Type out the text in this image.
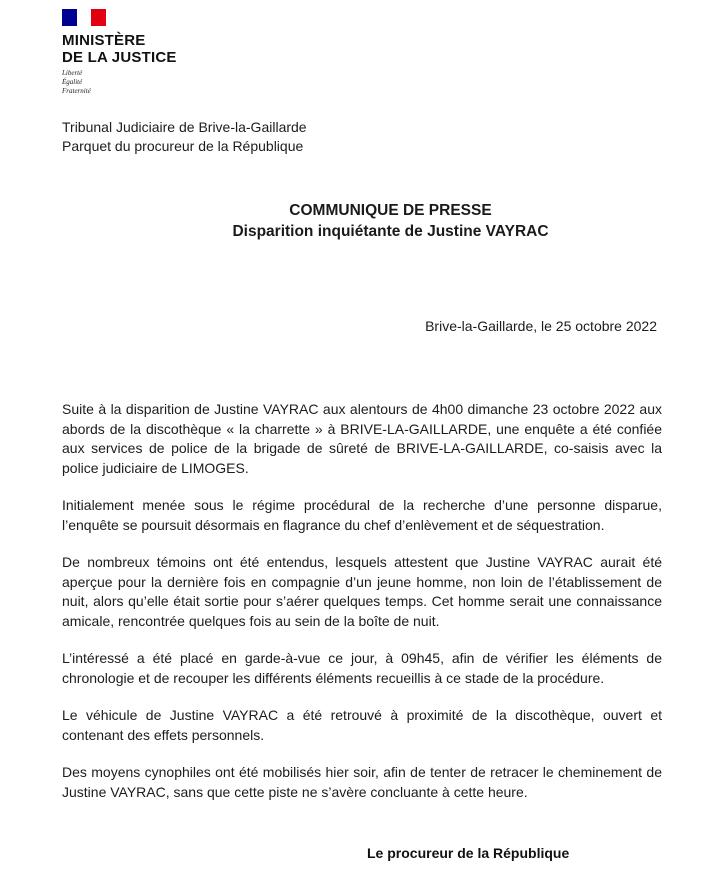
MINISTÈRE
DE LA JUSTICE
Liberté
Égalité
Fraternité
Tribunal Judiciaire de Brive-la-Gaillarde
Parquet du procureur de la République
COMMUNIQUE DE PRESSE
Disparition inquiétante de Justine VAYRAC
Brive-la-Gaillarde, le 25 octobre 2022

Suite à la disparition de Justine VAYRAC aux alentours de 4h00 dimanche 23 octobre 2022 aux abords de la discothèque « la charrette » à BRIVE-LA-GAILLARDE, une enquête a été confiée aux services de police de la brigade de sûreté de BRIVE-LA-GAILLARDE, co-saisis avec la police judiciaire de LIMOGES.

Initialement menée sous le régime procédural de la recherche d’une personne disparue, l’enquête se poursuit désormais en flagrance du chef d’enlèvement et de séquestration.

De nombreux témoins ont été entendus, lesquels attestent que Justine VAYRAC aurait été aperçue pour la dernière fois en compagnie d’un jeune homme, non loin de l’établissement de nuit, alors qu’elle était sortie pour s’aérer quelques temps. Cet homme serait une connaissance amicale, rencontrée quelques fois au sein de la boîte de nuit.

L’intéressé a été placé en garde-à-vue ce jour, à 09h45, afin de vérifier les éléments de chronologie et de recouper les différents éléments recueillis à ce stade de la procédure.

Le véhicule de Justine VAYRAC a été retrouvé à proximité de la discothèque, ouvert et contenant des effets personnels.

Des moyens cynophiles ont été mobilisés hier soir, afin de tenter de retracer le cheminement de Justine VAYRAC, sans que cette piste ne s’avère concluante à cette heure.

Le procureur de la République
